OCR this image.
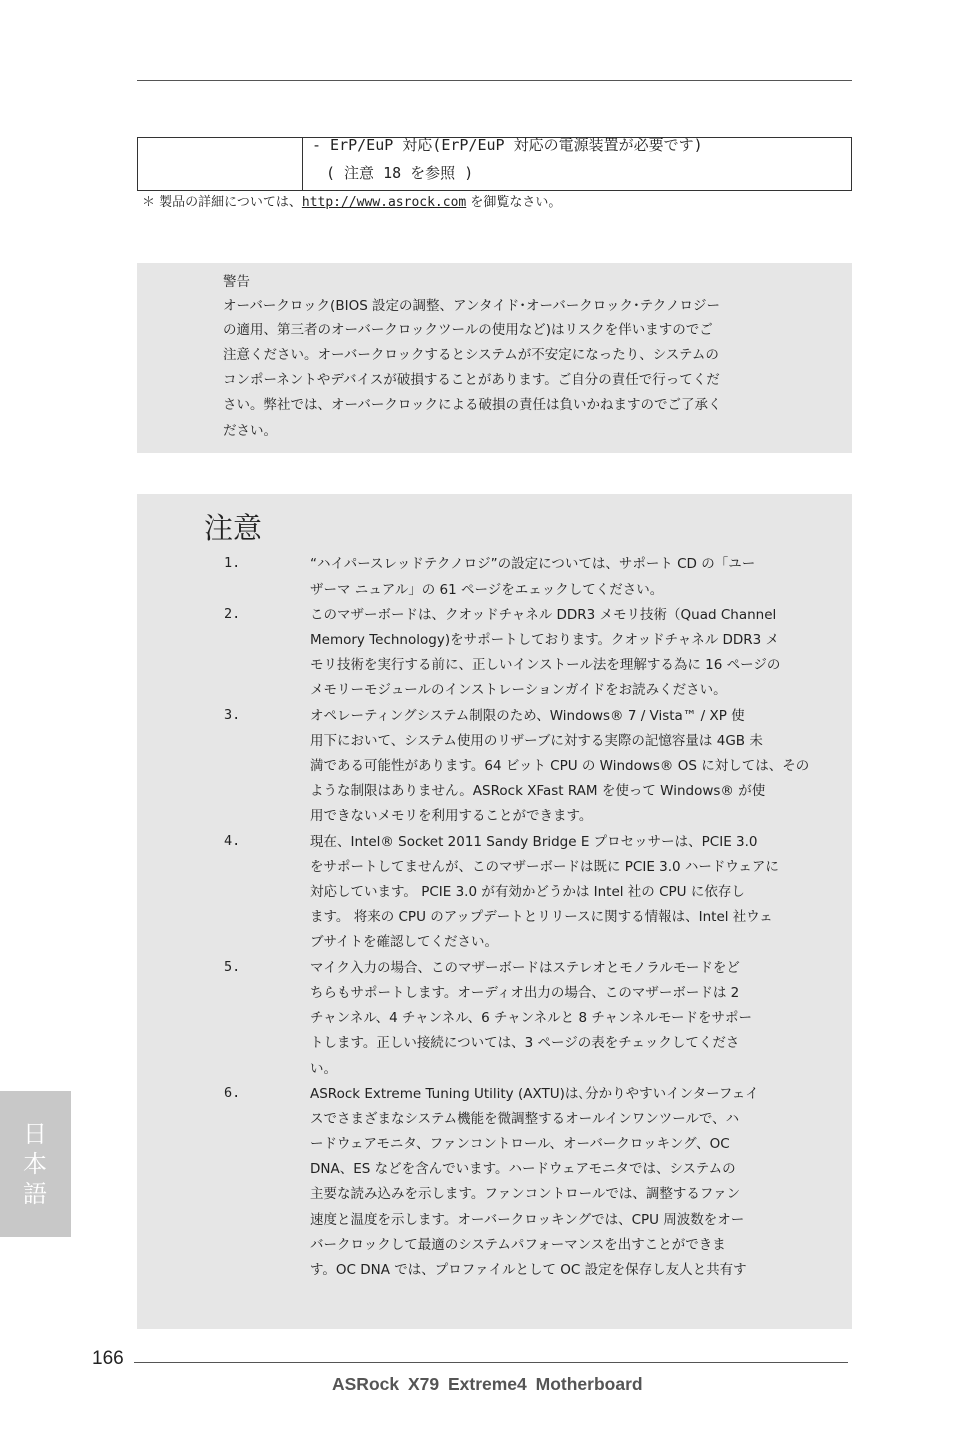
- ErP/EuP 対応(ErP/EuP 対応の電源装置が必要です)
( 注意 18 を参照 )
＊ 製品の詳細については、http://www.asrock.com を御覧なさい。
警告
オーバークロック(BIOS 設定の調整、アンタイド･オーバークロック･テクノロジー
の適用、第三者のオーバークロックツールの使用など)はリスクを伴いますのでご
注意ください。オーバークロックするとシステムが不安定になったり、システムの
コンポーネントやデバイスが破損することがあります。ご自分の責任で行ってくだ
さい。弊社では、オーバークロックによる破損の責任は負いかねますのでご了承く
ださい。
注意
1.	“ハイパースレッドテクノロジ”の設定については、サポート CD の「ユー
ザーマ ニュアル」の 61 ページをエェックしてください。
2.	このマザーボードは、クオッドチャネル DDR3 メモリ技術（Quad Channel
Memory Technology)をサポートしております。クオッドチャネル DDR3 メ
モリ技術を実行する前に、正しいインストール法を理解する為に 16 ページの
メモリーモジュールのインストレーションガイドをお読みください。
3.	オペレーティングシステム制限のため、Windows® 7 / Vista™ / XP 使
用下において、システム使用のリザーブに対する実際の記憶容量は 4GB 未
満である可能性があります。64 ビット CPU の Windows® OS に対しては、その
ような制限はありません。ASRock XFast RAM を使って Windows® が使
用できないメモリを利用することができます。
4.	現在、Intel® Socket 2011 Sandy Bridge E プロセッサーは、PCIE 3.0
をサポートしてませんが、このマザーボードは既に PCIE 3.0 ハードウェアに
対応しています。 PCIE 3.0 が有効かどうかは Intel 社の CPU に依存し
ます。 将来の CPU のアップデートとリリースに関する情報は、Intel 社ウェ
ブサイトを確認してください。
5.	マイク入力の場合、このマザーボードはステレオとモノラルモードをど
ちらもサポートします。オーディオ出力の場合、このマザーボードは 2
チャンネル、4 チャンネル、6 チャンネルと 8 チャンネルモードをサポー
トします。正しい接続については、3 ページの表をチェックしてくださ
い。
6.	ASRock Extreme Tuning Utility (AXTU)は､分かりやすいインターフェイ
スでさまざまなシステム機能を微調整するオールインワンツールで、ハ
ードウェアモニタ、ファンコントロール、オーバークロッキング、OC
DNA、ES などを含んでいます。ハードウェアモニタでは、システムの
主要な読み込みを示します。ファンコントロールでは、調整するファン
速度と温度を示します。オーバークロッキングでは、CPU 周波数をオー
バークロックして最適のシステムパフォーマンスを出すことができま
す。OC DNA では、プロファイルとして OC 設定を保存し友人と共有す
日本語
166
ASRock X79 Extreme4 Motherboard
